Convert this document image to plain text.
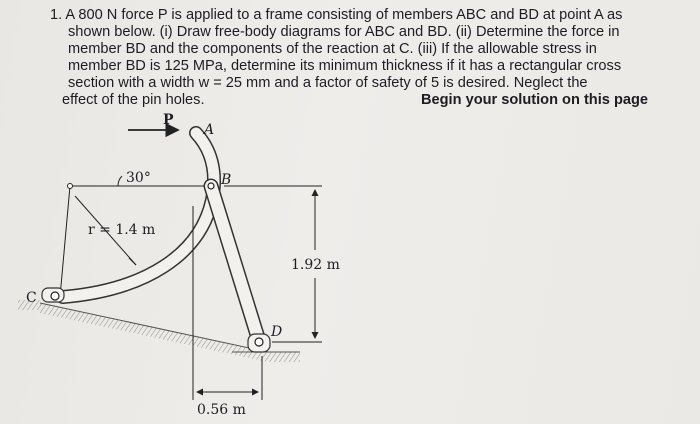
1. A 800 N force P is applied to a frame consisting of members ABC and BD at point A as
shown below. (i) Draw free-body diagrams for ABC and BD. (ii) Determine the force in
member BD and the components of the reaction at C. (iii) If the allowable stress in
member BD is 125 MPa, determine its minimum thickness if it has a rectangular cross
section with a width w = 25 mm and a factor of safety of 5 is desired. Neglect the
effect of the pin holes.	Begin your solution on this page
P
A
B
C
D
30°
r = 1.4 m
1.92 m
0.56 m
